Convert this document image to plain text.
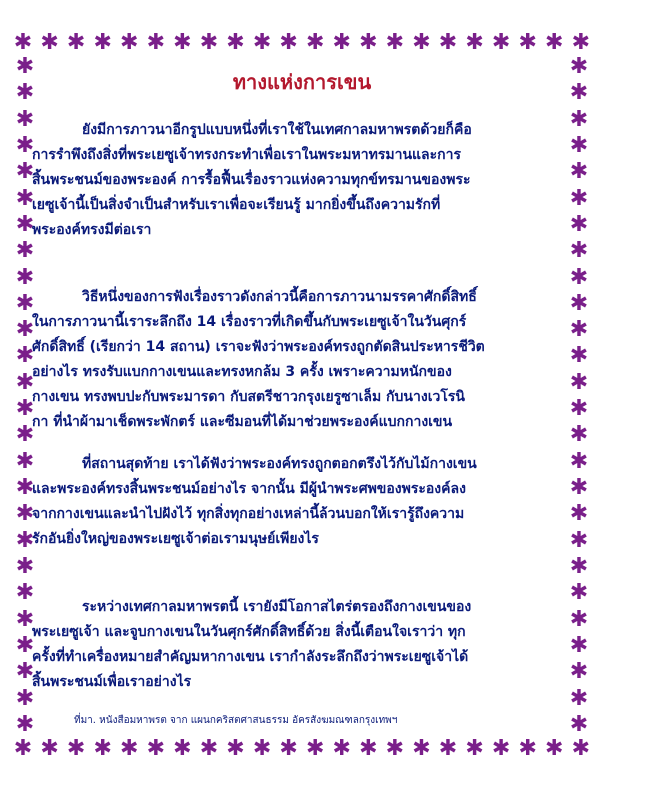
✱ ✱ ✱ ✱ ✱ ✱ ✱ ✱ ✱ ✱ ✱ ✱ ✱ ✱ ✱ ✱ ✱ ✱ ✱ ✱ ✱ ✱
✱ ✱ ✱ ✱ ✱ ✱ ✱ ✱ ✱ ✱ ✱ ✱ ✱ ✱ ✱ ✱ ✱ ✱ ✱ ✱ ✱ ✱
✱
✱
✱
✱
✱
✱
✱
✱
✱
✱
✱
✱
✱
✱
✱
✱
✱
✱
✱
✱
✱
✱
✱
✱
✱
✱
✱
✱
✱
✱
✱
✱
✱
✱
✱
✱
✱
✱
✱
✱
✱
✱
✱
✱
✱
✱
✱
✱
✱
✱
✱
✱
ทางแห่งการเขน
ยังมีการภาวนาอีกรูปแบบหนึ่งที่เราใช้ในเทศกาลมหาพรตด้วยก็คือ
การรำพึงถึงสิ่งที่พระเยซูเจ้าทรงกระทำเพื่อเราในพระมหาทรมานและการ
สิ้นพระชนม์ของพระองค์ การรื้อฟื้นเรื่องราวแห่งความทุกข์ทรมานของพระ
เยซูเจ้านี้เป็นสิ่งจำเป็นสำหรับเราเพื่อจะเรียนรู้ มากยิ่งขึ้นถึงความรักที่
พระองค์ทรงมีต่อเรา
วิธีหนึ่งของการฟังเรื่องราวดังกล่าวนี้คือการภาวนามรรคาศักดิ์สิทธิ์
ในการภาวนานี้เราระลึกถึง 14 เรื่องราวที่เกิดขึ้นกับพระเยซูเจ้าในวันศุกร์
ศักดิ์สิทธิ์ (เรียกว่า 14 สถาน) เราจะฟังว่าพระองค์ทรงถูกตัดสินประหารชีวิต
อย่างไร ทรงรับแบกกางเขนและทรงหกล้ม 3 ครั้ง เพราะความหนักของ
กางเขน ทรงพบปะกับพระมารดา กับสตรีชาวกรุงเยรูซาเล็ม กับนางเวโรนิ
กา ที่นำผ้ามาเช็ดพระพักตร์ และซีมอนที่ได้มาช่วยพระองค์แบกกางเขน
ที่สถานสุดท้าย เราได้ฟังว่าพระองค์ทรงถูกตอกตรึงไว้กับไม้กางเขน
และพระองค์ทรงสิ้นพระชนม์อย่างไร จากนั้น มีผู้นำพระศพของพระองค์ลง
จากกางเขนและนำไปฝังไว้ ทุกสิ่งทุกอย่างเหล่านี้ล้วนบอกให้เรารู้ถึงความ
รักอันยิ่งใหญ่ของพระเยซูเจ้าต่อเรามนุษย์เพียงไร
ระหว่างเทศกาลมหาพรตนี้ เรายังมีโอกาสไตร่ตรองถึงกางเขนของ
พระเยซูเจ้า และจูบกางเขนในวันศุกร์ศักดิ์สิทธิ์ด้วย สิ่งนี้เตือนใจเราว่า ทุก
ครั้งที่ทำเครื่องหมายสำคัญมหากางเขน เรากำลังระลึกถึงว่าพระเยซูเจ้าได้
สิ้นพระชนม์เพื่อเราอย่างไร
ที่มา. หนังสือมหาพรต จาก แผนกคริสตศาสนธรรม อัครสังฆมณฑลกรุงเทพฯ
